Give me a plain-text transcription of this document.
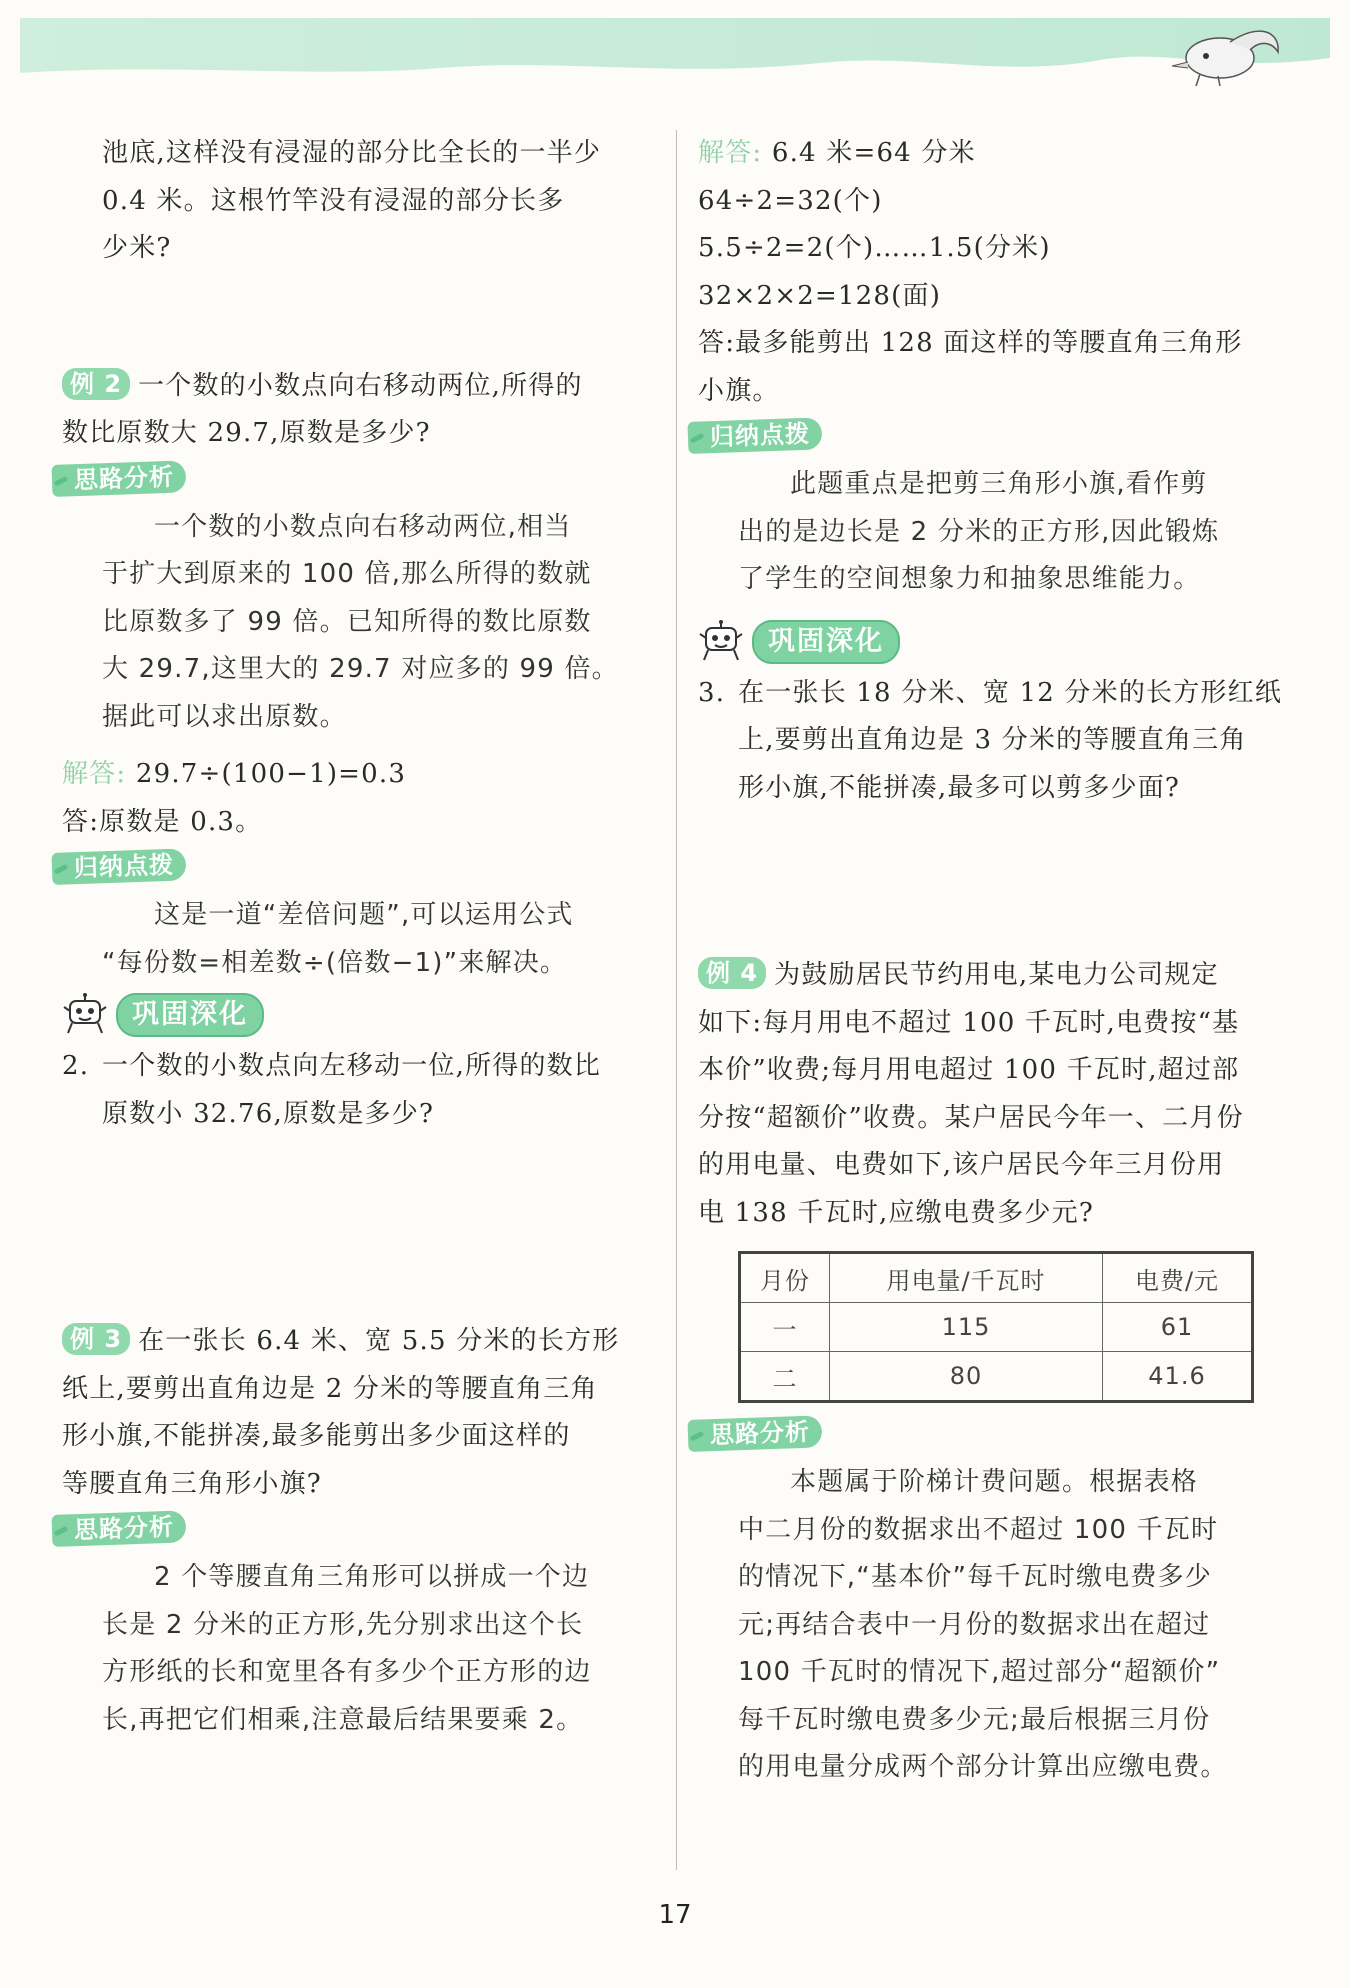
池底,这样没有浸湿的部分比全长的一半少

0.4 米。这根竹竿没有浸湿的部分长多

少米?

例 2 一个数的小数点向右移动两位,所得的

数比原数大 29.7,原数是多少?

思路分析

一个数的小数点向右移动两位,相当

于扩大到原来的 100 倍,那么所得的数就

比原数多了 99 倍。已知所得的数比原数

大 29.7,这里大的 29.7 对应多的 99 倍。

据此可以求出原数。

解答: 29.7÷(100−1)=0.3

答:原数是 0.3。

归纳点拨

这是一道“差倍问题”,可以运用公式

“每份数=相差数÷(倍数−1)”来解决。

巩固深化

2. 一个数的小数点向左移动一位,所得的数比

原数小 32.76,原数是多少?

例 3 在一张长 6.4 米、宽 5.5 分米的长方形

纸上,要剪出直角边是 2 分米的等腰直角三角

形小旗,不能拼凑,最多能剪出多少面这样的

等腰直角三角形小旗?

思路分析

2 个等腰直角三角形可以拼成一个边

长是 2 分米的正方形,先分别求出这个长

方形纸的长和宽里各有多少个正方形的边

长,再把它们相乘,注意最后结果要乘 2。

解答: 6.4 米=64 分米

64÷2=32(个)

5.5÷2=2(个)……1.5(分米)

32×2×2=128(面)

答:最多能剪出 128 面这样的等腰直角三角形

小旗。

归纳点拨

此题重点是把剪三角形小旗,看作剪

出的是边长是 2 分米的正方形,因此锻炼

了学生的空间想象力和抽象思维能力。

巩固深化

3. 在一张长 18 分米、宽 12 分米的长方形红纸

上,要剪出直角边是 3 分米的等腰直角三角

形小旗,不能拼凑,最多可以剪多少面?

例 4 为鼓励居民节约用电,某电力公司规定

如下:每月用电不超过 100 千瓦时,电费按“基

本价”收费;每月用电超过 100 千瓦时,超过部

分按“超额价”收费。某户居民今年一、二月份

的用电量、电费如下,该户居民今年三月份用

电 138 千瓦时,应缴电费多少元?

月份	用电量/千瓦时	电费/元
一	115	61
二	80	41.6
思路分析

本题属于阶梯计费问题。根据表格

中二月份的数据求出不超过 100 千瓦时

的情况下,“基本价”每千瓦时缴电费多少

元;再结合表中一月份的数据求出在超过

100 千瓦时的情况下,超过部分“超额价”

每千瓦时缴电费多少元;最后根据三月份

的用电量分成两个部分计算出应缴电费。

17
